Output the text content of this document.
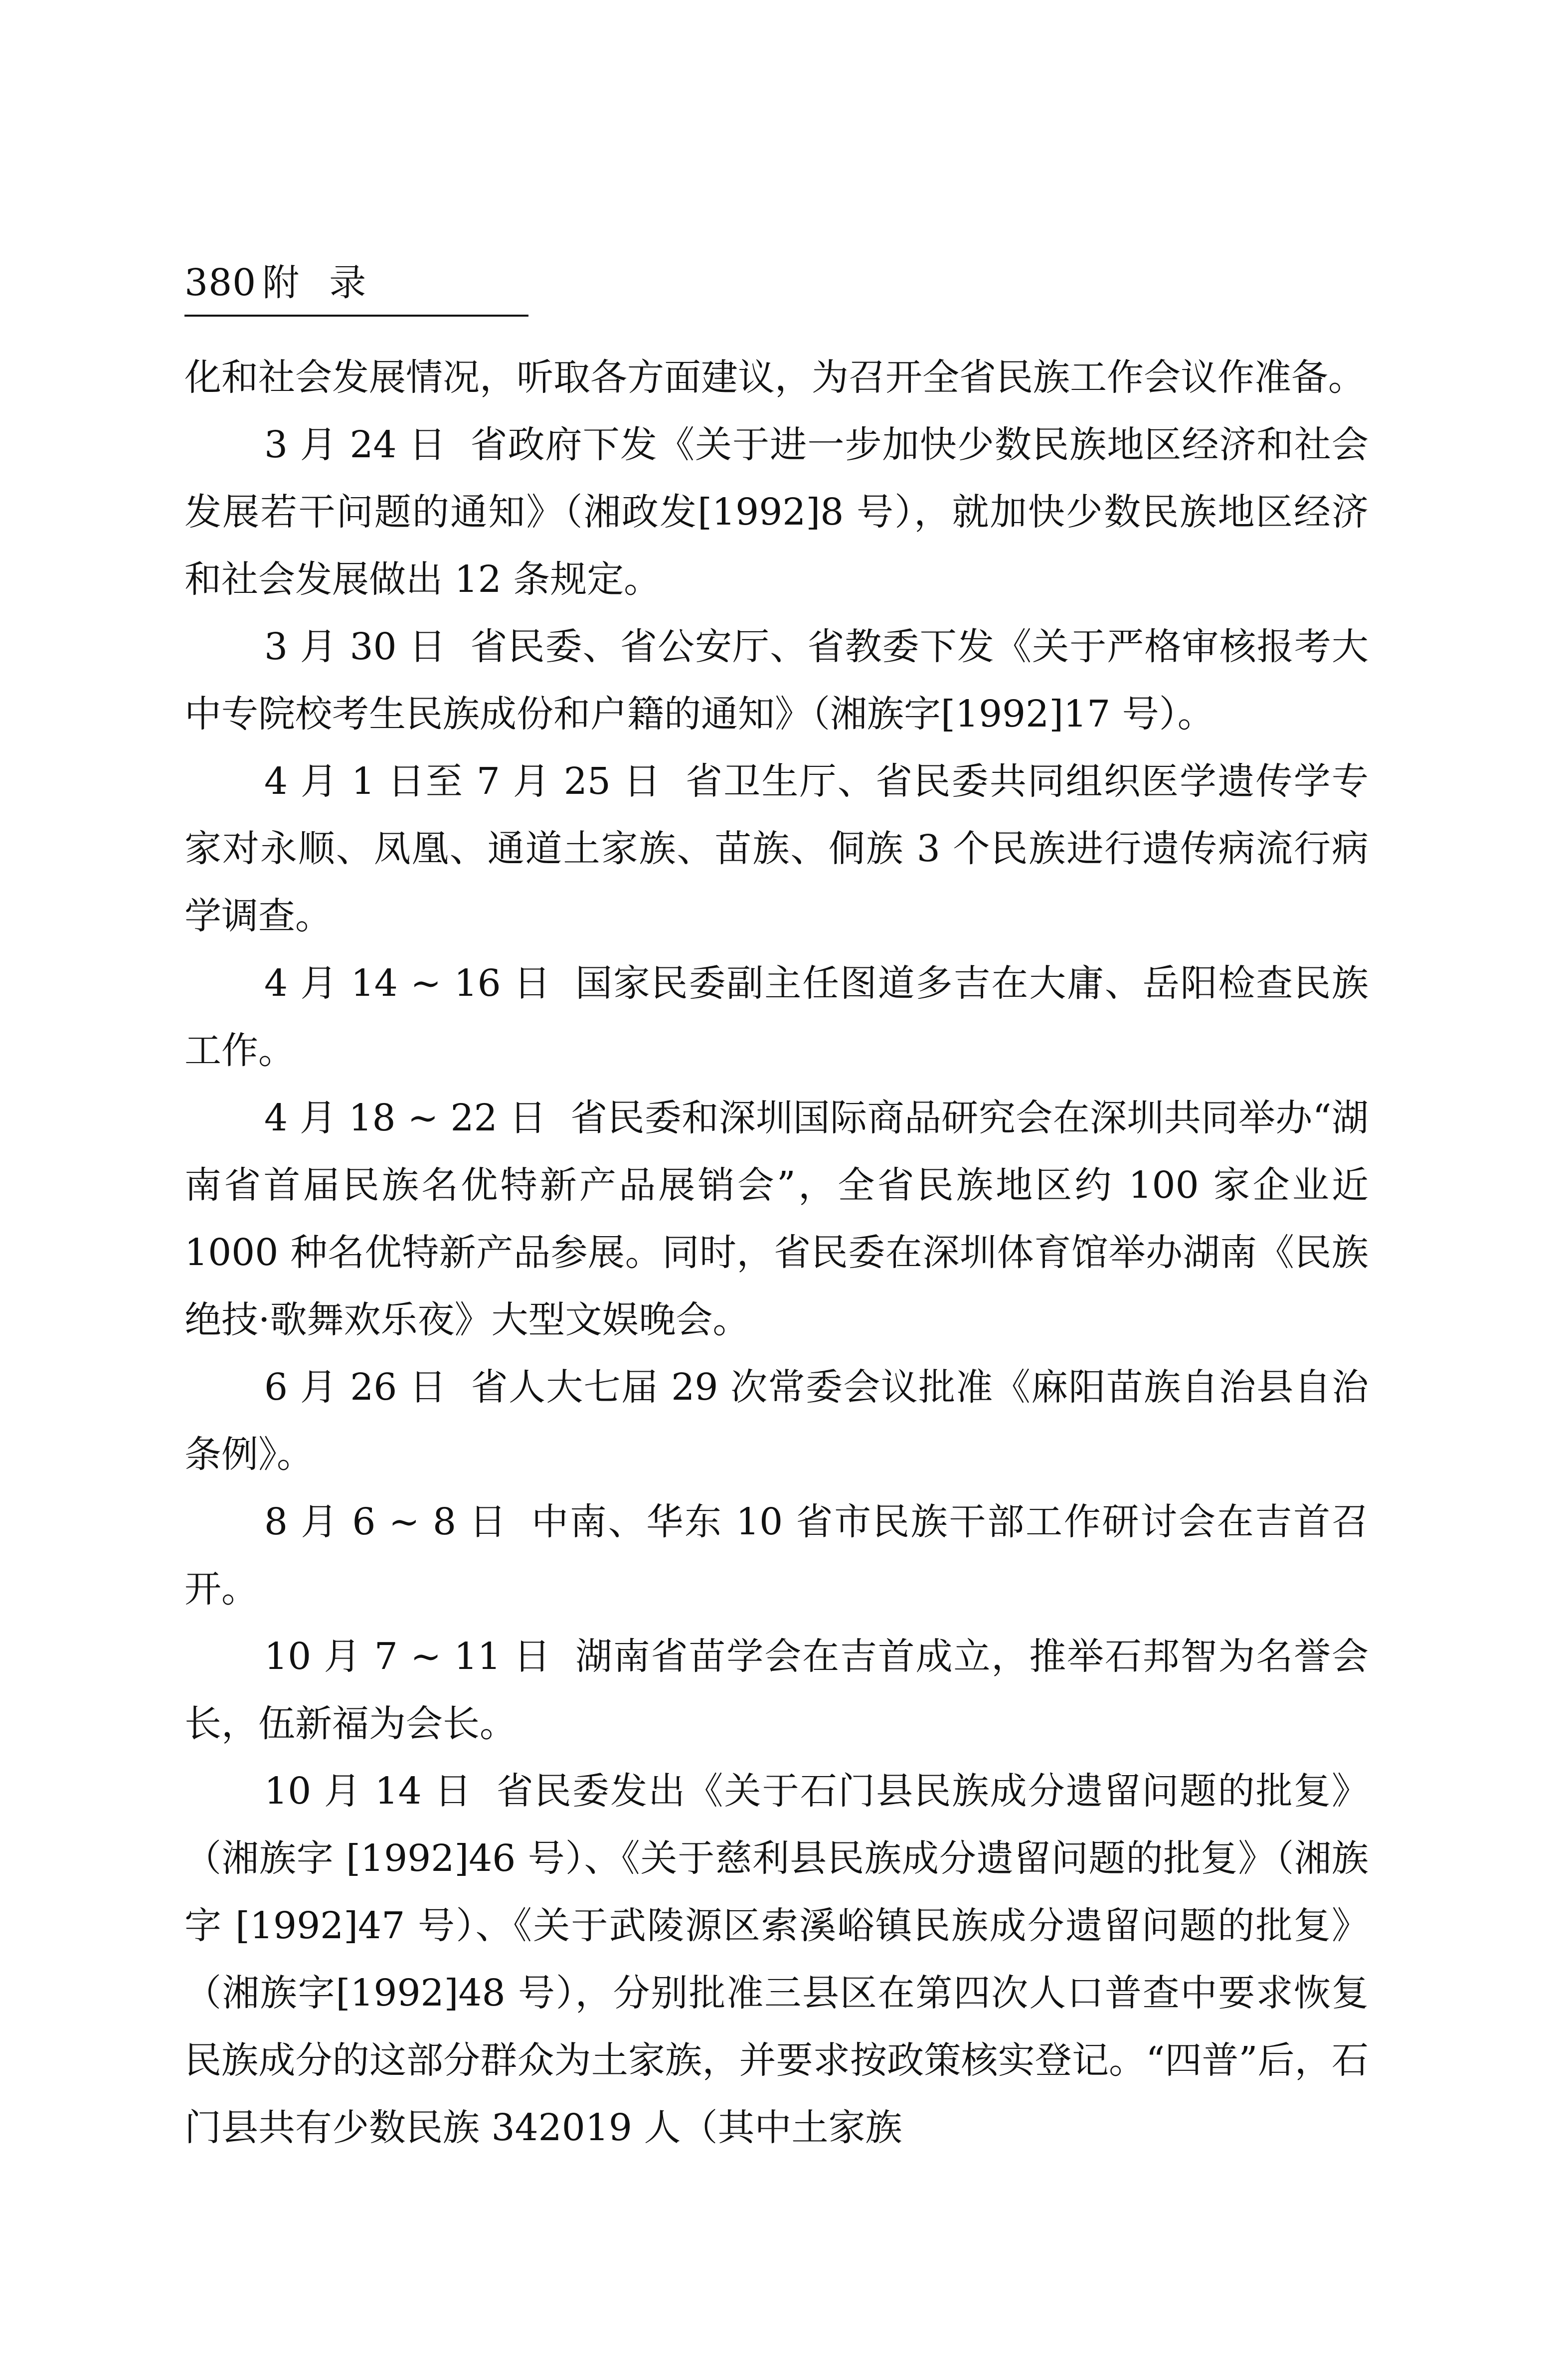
380 附录

化和社会发展情况，听取各方面建议，为召开全省民族工作会议作准备。

3 月 24 日 省政府下发《关于进一步加快少数民族地区经济和社会发展若干问题的通知》（湘政发[1992]8 号），就加快少数民族地区经济和社会发展做出 12 条规定。

3 月 30 日 省民委、省公安厅、省教委下发《关于严格审核报考大中专院校考生民族成份和户籍的通知》（湘族字[1992]17 号）。

4 月 1 日至 7 月 25 日 省卫生厅、省民委共同组织医学遗传学专家对永顺、凤凰、通道土家族、苗族、侗族 3 个民族进行遗传病流行病学调查。

4 月 14 ~ 16 日 国家民委副主任图道多吉在大庸、岳阳检查民族工作。

4 月 18 ~ 22 日 省民委和深圳国际商品研究会在深圳共同举办“湖南省首届民族名优特新产品展销会”，全省民族地区约 100 家企业近 1000 种名优特新产品参展。同时，省民委在深圳体育馆举办湖南《民族绝技·歌舞欢乐夜》大型文娱晚会。

6 月 26 日 省人大七届 29 次常委会议批准《麻阳苗族自治县自治条例》。

8 月 6 ~ 8 日 中南、华东 10 省市民族干部工作研讨会在吉首召开。

10 月 7 ~ 11 日 湖南省苗学会在吉首成立，推举石邦智为名誉会长，伍新福为会长。

10 月 14 日 省民委发出《关于石门县民族成分遗留问题的批复》（湘族字 [1992]46 号）、《关于慈利县民族成分遗留问题的批复》（湘族字 [1992]47 号）、《关于武陵源区索溪峪镇民族成分遗留问题的批复》（湘族字[1992]48 号），分别批准三县区在第四次人口普查中要求恢复民族成分的这部分群众为土家族，并要求按政策核实登记。“四普”后，石门县共有少数民族 342019 人（其中土家族
